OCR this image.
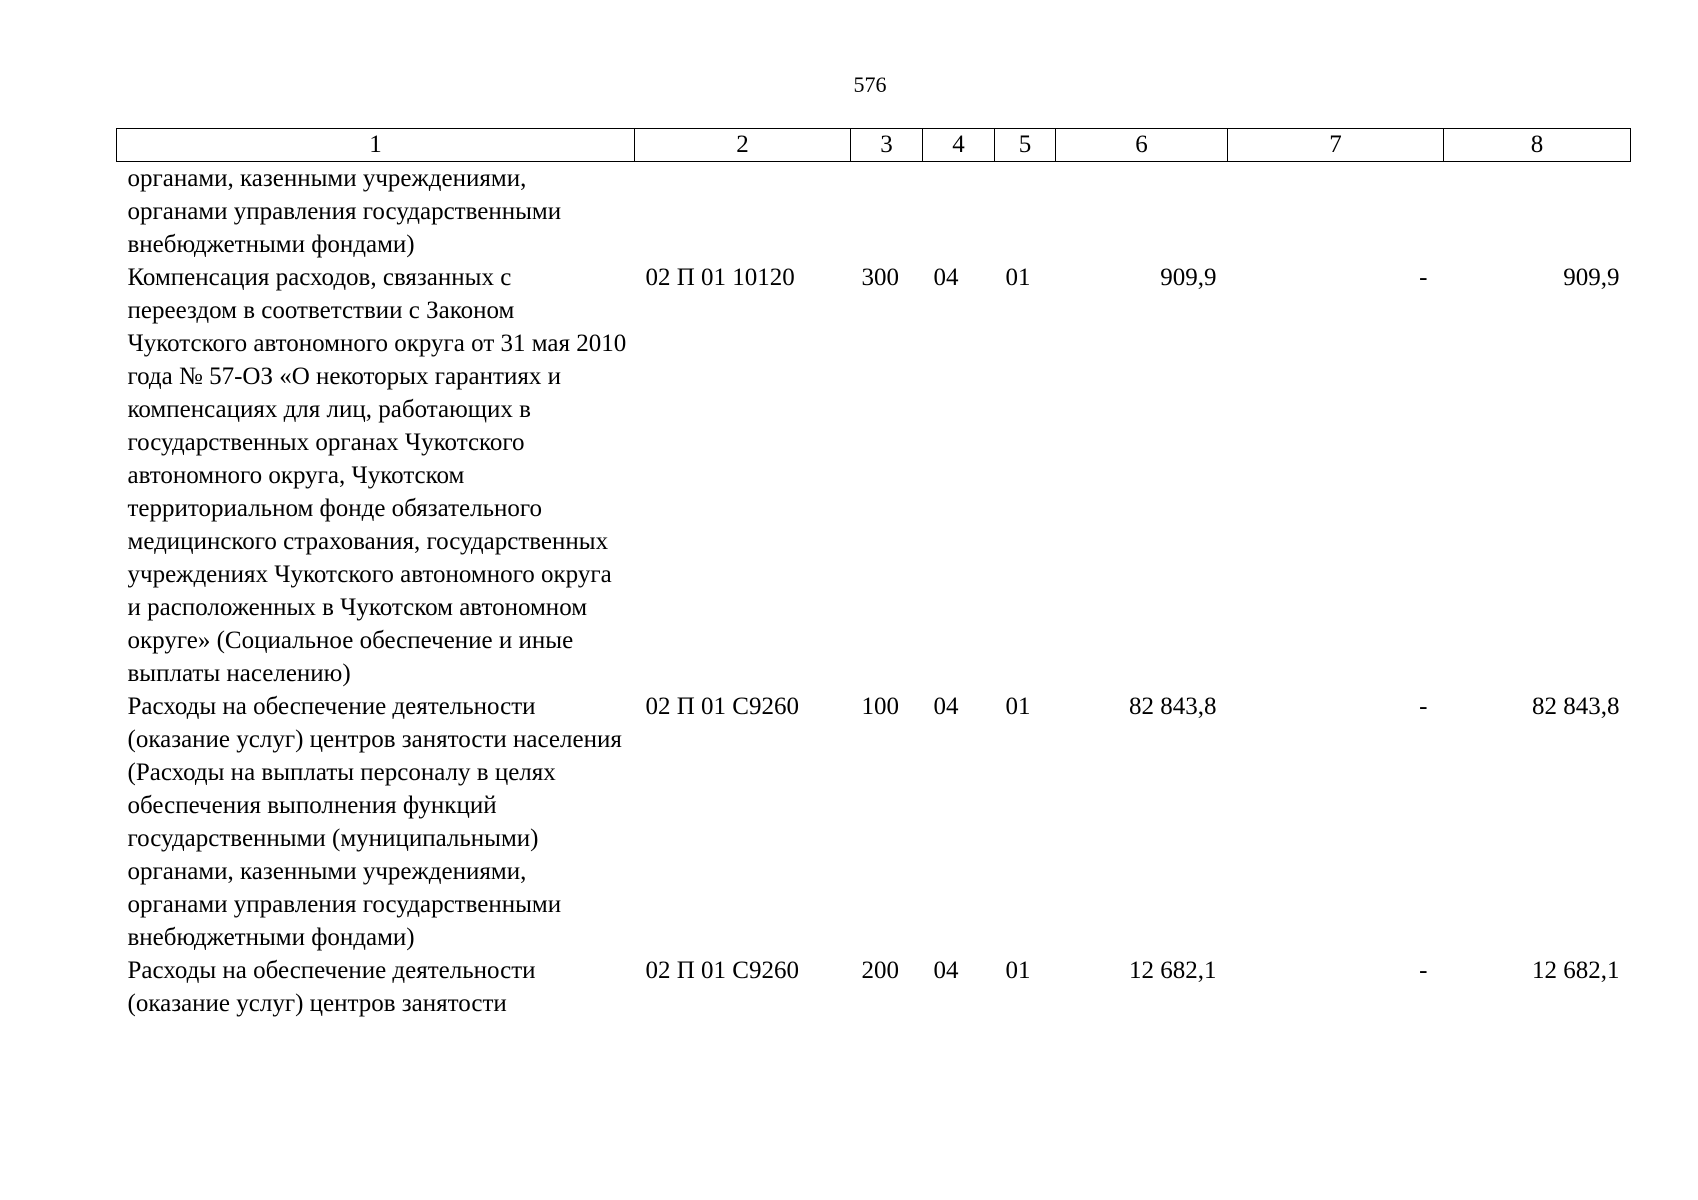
576
1	2	3	4	5	6	7	8
органами, казенными учреждениями, органами управления государственными внебюджетными фондами)							
Компенсация расходов, связанных с переездом в соответствии с Законом Чукотского автономного округа от 31 мая 2010 года № 57-ОЗ «О некоторых гарантиях и компенсациях для лиц, работающих в государственных органах Чукотского автономного округа, Чукотском территориальном фонде обязательного медицинского страхования, государственных учреждениях Чукотского автономного округа и расположенных в Чукотском автономном округе» (Социальное обеспечение и иные выплаты населению)	02 П 01 10120	300	04	01	909,9	-	909,9
Расходы на обеспечение деятельности (оказание услуг) центров занятости населения (Расходы на выплаты персоналу в целях обеспечения выполнения функций государственными (муниципальными) органами, казенными учреждениями, органами управления государственными внебюджетными фондами)	02 П 01 С9260	100	04	01	82 843,8	-	82 843,8
Расходы на обеспечение деятельности (оказание услуг) центров занятости	02 П 01 С9260	200	04	01	12 682,1	-	12 682,1
